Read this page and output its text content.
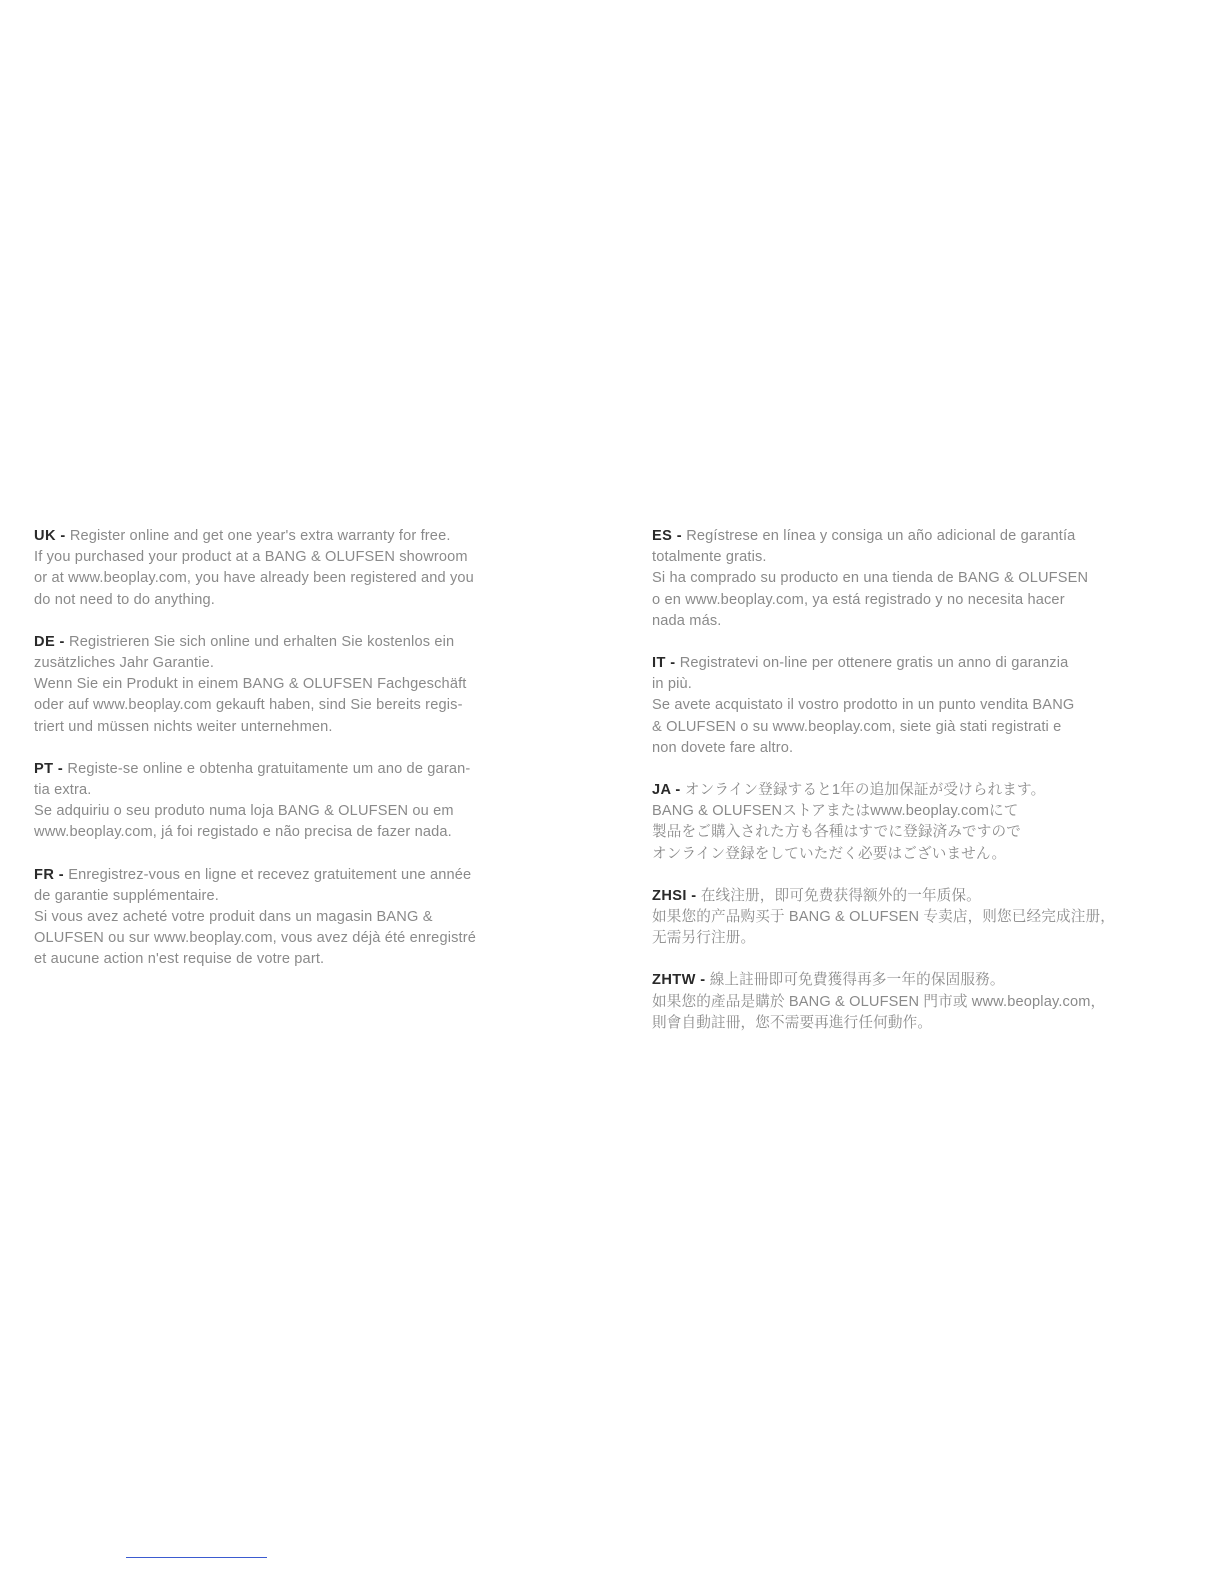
UK - Register online and get one year's extra warranty for free.
If you purchased your product at a BANG & OLUFSEN showroom
or at www.beoplay.com, you have already been registered and you
do not need to do anything.

DE - Registrieren Sie sich online und erhalten Sie kostenlos ein
zusätzliches Jahr Garantie.
Wenn Sie ein Produkt in einem BANG & OLUFSEN Fachgeschäft
oder auf www.beoplay.com gekauft haben, sind Sie bereits regis-
triert und müssen nichts weiter unternehmen.

PT - Registe-se online e obtenha gratuitamente um ano de garan-
tia extra.
Se adquiriu o seu produto numa loja BANG & OLUFSEN ou em
www.beoplay.com, já foi registado e não precisa de fazer nada.

FR - Enregistrez-vous en ligne et recevez gratuitement une année
de garantie supplémentaire.
Si vous avez acheté votre produit dans un magasin BANG &
OLUFSEN ou sur www.beoplay.com, vous avez déjà été enregistré
et aucune action n'est requise de votre part.

ES - Regístrese en línea y consiga un año adicional de garantía
totalmente gratis.
Si ha comprado su producto en una tienda de BANG & OLUFSEN
o en www.beoplay.com, ya está registrado y no necesita hacer
nada más.

IT - Registratevi on-line per ottenere gratis un anno di garanzia
in più.
Se avete acquistato il vostro prodotto in un punto vendita BANG
& OLUFSEN o su www.beoplay.com, siete già stati registrati e
non dovete fare altro.

JA - オンライン登録すると1年の追加保証が受けられます。
BANG & OLUFSENストアまたはwww.beoplay.comにて
製品をご購入された方も各種はすでに登録済みですので
オンライン登録をしていただく必要はございません。

ZHSI - 在线注册，即可免费获得额外的一年质保。
如果您的产品购买于 BANG & OLUFSEN 专卖店，则您已经完成注册，
无需另行注册。

ZHTW - 線上註冊即可免費獲得再多一年的保固服務。
如果您的產品是購於 BANG & OLUFSEN 門市或 www.beoplay.com，
則會自動註冊，您不需要再進行任何動作。
